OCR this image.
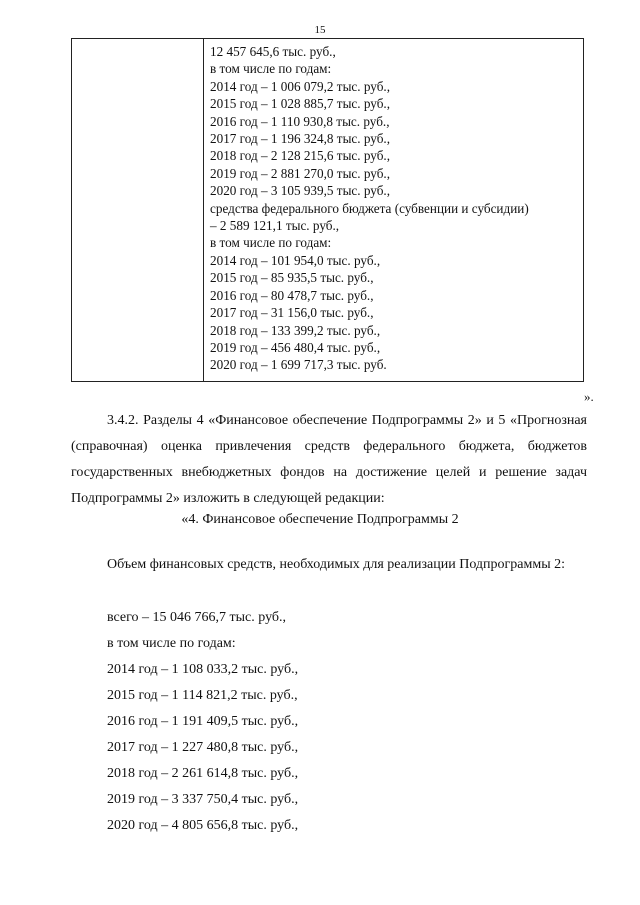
15
12 457 645,6 тыс. руб.,
в том числе по годам:
2014 год – 1 006 079,2 тыс. руб.,
2015 год – 1 028 885,7 тыс. руб.,
2016 год – 1 110 930,8 тыс. руб.,
2017 год – 1 196 324,8 тыс. руб.,
2018 год – 2 128 215,6 тыс. руб.,
2019 год – 2 881 270,0 тыс. руб.,
2020 год – 3 105 939,5 тыс. руб.,
средства федерального бюджета (субвенции и субсидии)
– 2 589 121,1 тыс. руб.,
в том числе по годам:
2014 год – 101 954,0 тыс. руб.,
2015 год – 85 935,5 тыс. руб.,
2016 год – 80 478,7 тыс. руб.,
2017 год – 31 156,0 тыс. руб.,
2018 год – 133 399,2 тыс. руб.,
2019 год – 456 480,4 тыс. руб.,
2020 год – 1 699 717,3 тыс. руб.
».
3.4.2. Разделы 4 «Финансовое обеспечение Подпрограммы 2» и 5 «Прогнозная (справочная) оценка привлечения средств федерального бюджета, бюджетов государственных внебюджетных фондов на достижение целей и решение задач Подпрограммы 2» изложить в следующей редакции:
«4. Финансовое обеспечение Подпрограммы 2
Объем финансовых средств, необходимых для реализации Подпрограммы 2:
всего – 15 046 766,7 тыс. руб.,
в том числе по годам:
2014 год – 1 108 033,2 тыс. руб.,
2015 год – 1 114 821,2 тыс. руб.,
2016 год – 1 191 409,5 тыс. руб.,
2017 год – 1 227 480,8 тыс. руб.,
2018 год – 2 261 614,8 тыс. руб.,
2019 год – 3 337 750,4 тыс. руб.,
2020 год – 4 805 656,8 тыс. руб.,
